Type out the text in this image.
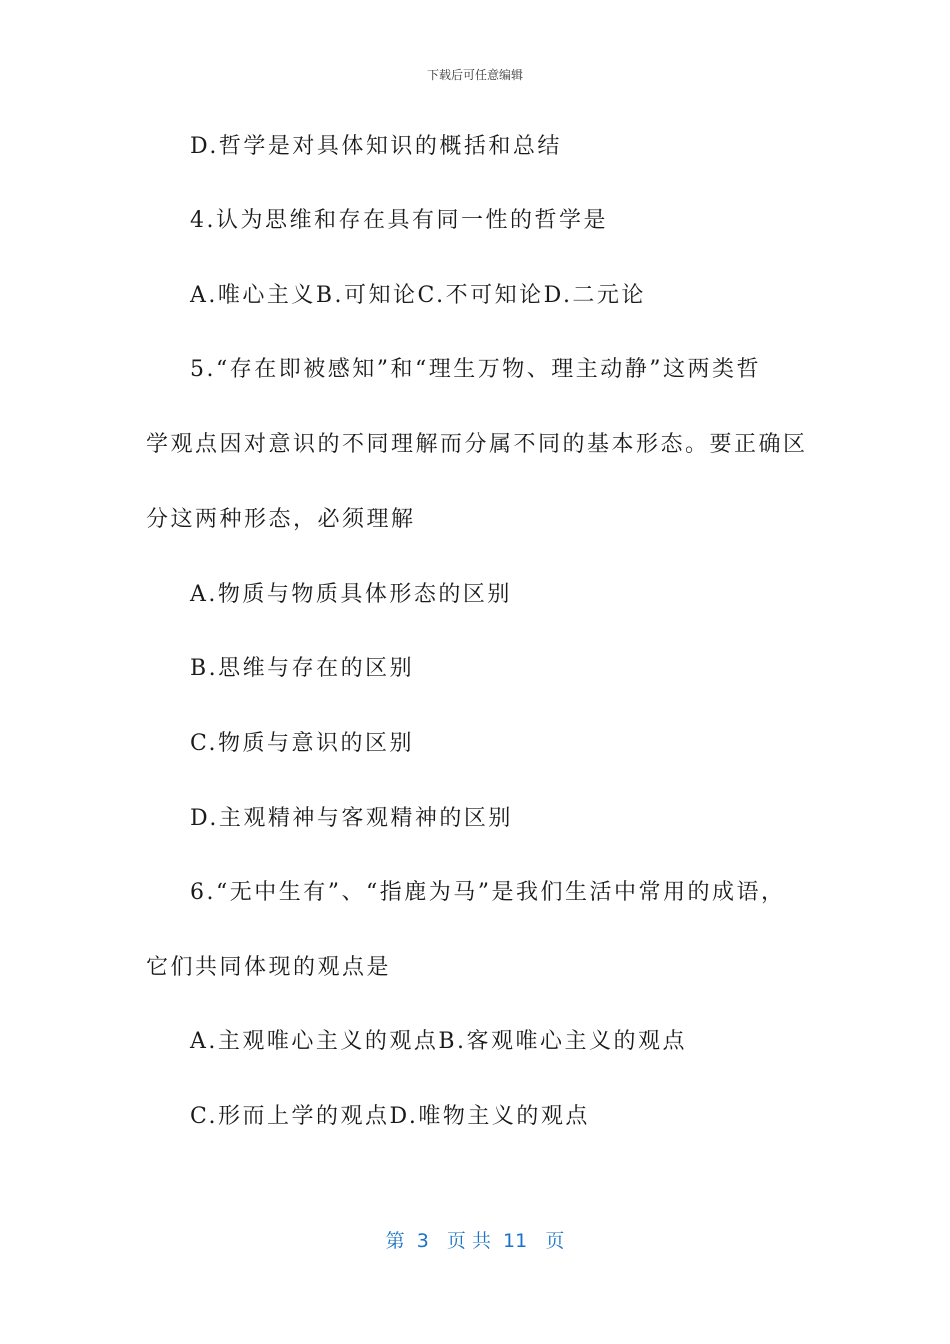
下载后可任意编辑
D.哲学是对具体知识的概括和总结
4.认为思维和存在具有同一性的哲学是
A.唯心主义B.可知论C.不可知论D.二元论
5.“存在即被感知”和“理生万物、理主动静”这两类哲
学观点因对意识的不同理解而分属不同的基本形态。要正确区
分这两种形态，必须理解
A.物质与物质具体形态的区别
B.思维与存在的区别
C.物质与意识的区别
D.主观精神与客观精神的区别
6.“无中生有”、“指鹿为马”是我们生活中常用的成语，
它们共同体现的观点是
A.主观唯心主义的观点B.客观唯心主义的观点
C.形而上学的观点D.唯物主义的观点
第  3   页 共  11   页
